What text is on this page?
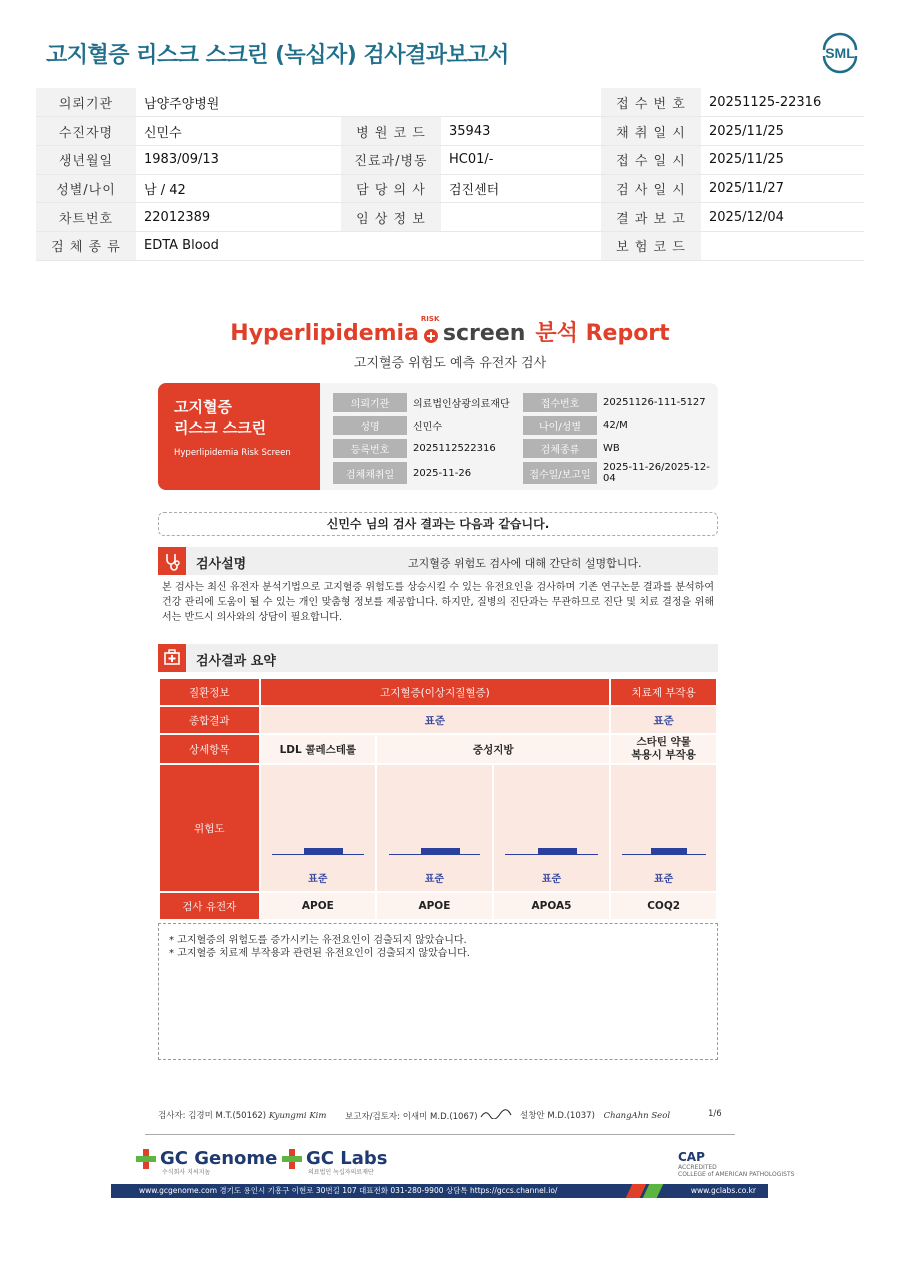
고지혈증 리스크 스크린 (녹십자) 검사결과보고서	SML
의뢰기관	남양주양병원			접 수 번 호	20251125-22316
수진자명	신민수	병 원 코 드	35943	채 취 일 시	2025/11/25
생년월일	1983/09/13	진료과/병동	HC01/-	접 수 일 시	2025/11/25
성별/나이	남 / 42	담 당 의 사	검진센터	검 사 일 시	2025/11/27
차트번호	22012389	임 상 정 보		결 과 보 고	2025/12/04
검 체 종 류	EDTA Blood			보 험 코 드	
Hyperlipidemia
RISK
screen 분석 Report
고지혈증 위험도 예측 유전자 검사
고지혈증
리스크 스크린
Hyperlipidemia Risk Screen
의뢰기관	의료법인삼광의료재단	접수번호	20251126-111-5127
성명	신민수	나이/성별	42/M
등록번호	2025112522316	검체종류	WB
검체채취일	2025-11-26	접수일/보고일	2025-11-26/2025-12-04
신민수 님의 검사 결과는 다음과 같습니다.
검사설명	고지혈증 위험도 검사에 대해 간단히 설명합니다.
본 검사는 최신 유전자 분석기법으로 고지혈증 위험도를 상승시킬 수 있는 유전요인을 검사하며 기존 연구논문 결과를 분석하여 건강 관리에 도움이 될 수 있는 개인 맞춤형 정보를 제공합니다. 하지만, 질병의 진단과는 무관하므로 진단 및 치료 결정을 위해서는 반드시 의사와의 상담이 필요합니다.
검사결과 요약
질환정보	고지혈증(이상지질혈증)			치료제 부작용
종합결과	표준			표준
상세항목	LDL 콜레스테롤	중성지방		스타틴 약물
복용시 부작용
위험도	표준	표준	표준	표준

검사 유전자	APOE	APOE	APOA5	COQ2
* 고지혈증의 위험도를 증가시키는 유전요인이 검출되지 않았습니다.
* 고지혈증 치료제 부작용과 관련된 유전요인이 검출되지 않았습니다.
검사자: 김경미 M.T.(50162) Kyungmi Kim 보고자/검토자: 이새미 M.D.(1067)	설창안 M.D.(1037) ChangAhn Seol	1/6
GC Genome
수식회사 지씨지놈
GC Labs
의료법인 녹십자의료재단
CAP
ACCREDITED
COLLEGE of AMERICAN PATHOLOGISTS
www.gcgenome.com 경기도 용인시 기흥구 이현로 30번길 107 대표전화 031-280-9900 상담톡 https://gccs.channel.io/	www.gclabs.co.kr
